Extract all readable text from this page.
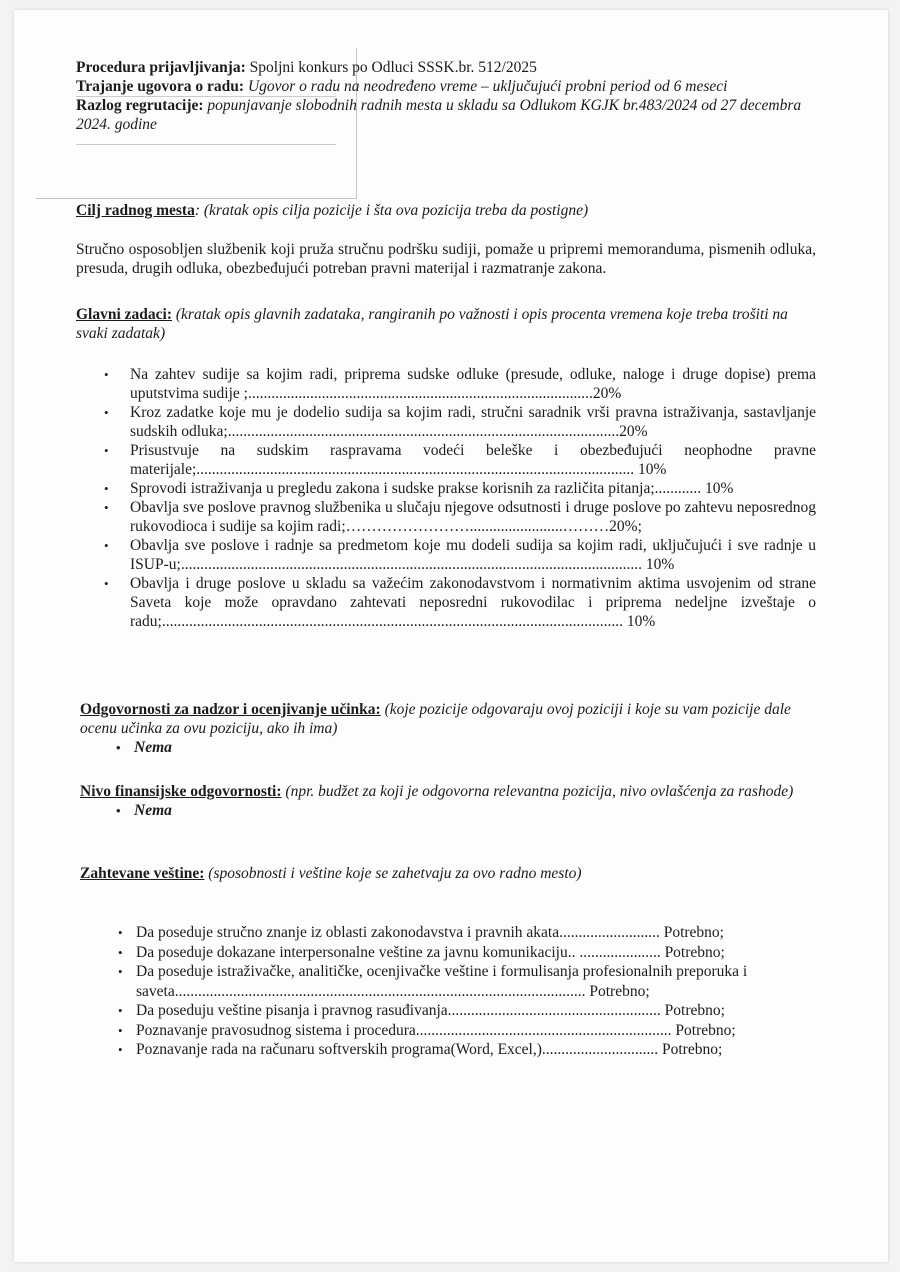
Procedura prijavljivanja: Spoljni konkurs po Odluci SSSK.br. 512/2025

Trajanje ugovora o radu: Ugovor o radu na neodređeno vreme – uključujući probni period od 6 meseci

Razlog regrutacije: popunjavanje slobodnih radnih mesta u skladu sa Odlukom KGJK br.483/2024 od 27 decembra 2024. godine

Cilj radnog mesta: (kratak opis cilja pozicije i šta ova pozicija treba da postigne)

Stručno osposobljen službenik koji pruža stručnu podršku sudiji, pomaže u pripremi memoranduma, pismenih odluka, presuda, drugih odluka, obezbeđujući potreban pravni materijal i razmatranje zakona.

Glavni zadaci: (kratak opis glavnih zadataka, rangiranih po važnosti i opis procenta vremena koje treba trošiti na svaki zadatak)

• Na zahtev sudije sa kojim radi, priprema sudske odluke (presude, odluke, naloge i druge dopise) prema uputstvima sudije ;.........................................................................................20%
• Kroz zadatke koje mu je dodelio sudija sa kojim radi, stručni saradnik vrši pravna istraživanja, sastavljanje sudskih odluka;.....................................................................................................20%
• Prisustvuje na sudskim raspravama vodeći beleške i obezbeđujući neophodne pravne materijale;................................................................................................................. 10%
• Sprovodi istraživanja u pregledu zakona i sudske prakse korisnih za različita pitanja;............ 10%
• Obavlja sve poslove pravnog službenika u slučaju njegove odsutnosti i druge poslove po zahtevu neposrednog rukovodioca i sudije sa kojim radi;……………………........................………20%;
• Obavlja sve poslove i radnje sa predmetom koje mu dodeli sudija sa kojim radi, uključujući i sve radnje u ISUP-u;....................................................................................................................... 10%
• Obavlja i druge poslove u skladu sa važećim zakonodavstvom i normativnim aktima usvojenim od strane Saveta koje može opravdano zahtevati neposredni rukovodilac i priprema nedeljne izveštaje o radu;....................................................................................................................... 10%

Odgovornosti za nadzor i ocenjivanje učinka: (koje pozicije odgovaraju ovoj poziciji i koje su vam pozicije dale ocenu učinka za ovu poziciju, ako ih ima)

• Nema

Nivo finansijske odgovornosti: (npr. budžet za koji je odgovorna relevantna pozicija, nivo ovlašćenja za rashode)

• Nema

Zahtevane veštine: (sposobnosti i veštine koje se zahetvaju za ovo radno mesto)

• Da poseduje stručno znanje iz oblasti zakonodavstva i pravnih akata.......................... Potrebno;
• Da poseduje dokazane interpersonalne veštine za javnu komunikaciju.. ..................... Potrebno;
• Da poseduje istraživačke, analitičke, ocenjivačke veštine i formulisanja profesionalnih preporuka i saveta.......................................................................................................... Potrebno;
• Da poseduju veštine pisanja i pravnog rasuđivanja....................................................... Potrebno;
• Poznavanje pravosudnog sistema i procedura.................................................................. Potrebno;
• Poznavanje rada na računaru softverskih programa(Word, Excel,).............................. Potrebno;
